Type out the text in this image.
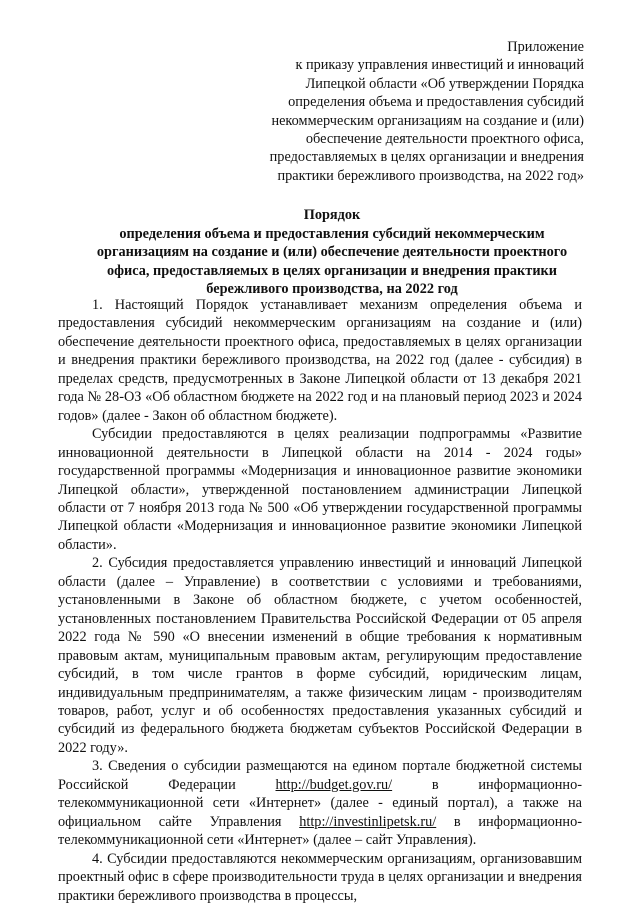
Приложение
к приказу управления инвестиций и инноваций
Липецкой области «Об утверждении Порядка
определения объема и предоставления субсидий
некоммерческим организациям на создание и (или)
обеспечение деятельности проектного офиса,
предоставляемых в целях организации и внедрения
практики бережливого производства, на 2022 год»
Порядок
определения объема и предоставления субсидий некоммерческим
организациям на создание и (или) обеспечение деятельности проектного
офиса, предоставляемых в целях организации и внедрения практики
бережливого производства, на 2022 год

1. Настоящий Порядок устанавливает механизм определения объема и предоставления субсидий некоммерческим организациям на создание и (или) обеспечение деятельности проектного офиса, предоставляемых в целях организации и внедрения практики бережливого производства, на 2022 год (далее - субсидия) в пределах средств, предусмотренных в Законе Липецкой области от 13 декабря 2021 года № 28-ОЗ «Об областном бюджете на 2022 год и на плановый период 2023 и 2024 годов» (далее - Закон об областном бюджете).

Субсидии предоставляются в целях реализации подпрограммы «Развитие инновационной деятельности в Липецкой области на 2014 - 2024 годы» государственной программы «Модернизация и инновационное развитие экономики Липецкой области», утвержденной постановлением администрации Липецкой области от 7 ноября 2013 года № 500 «Об утверждении государственной программы Липецкой области «Модернизация и инновационное развитие экономики Липецкой области».

2. Субсидия предоставляется управлению инвестиций и инноваций Липецкой области (далее – Управление) в соответствии с условиями и требованиями, установленными в Законе об областном бюджете, с учетом особенностей, установленных постановлением Правительства Российской Федерации от 05 апреля 2022 года № 590 «О внесении изменений в общие требования к нормативным правовым актам, муниципальным правовым актам, регулирующим предоставление субсидий, в том числе грантов в форме субсидий, юридическим лицам, индивидуальным предпринимателям, а также физическим лицам - производителям товаров, работ, услуг и об особенностях предоставления указанных субсидий и субсидий из федерального бюджета бюджетам субъектов Российской Федерации в 2022 году».

3. Сведения о субсидии размещаются на едином портале бюджетной системы Российской Федерации http://budget.gov.ru/ в информационно-телекоммуникационной сети «Интернет» (далее - единый портал), а также на официальном сайте Управления http://investinlipetsk.ru/ в информационно-телекоммуникационной сети «Интернет» (далее – сайт Управления).

4. Субсидии предоставляются некоммерческим организациям, организовавшим проектный офис в сфере производительности труда в целях организации и внедрения практики бережливого производства в процессы,
